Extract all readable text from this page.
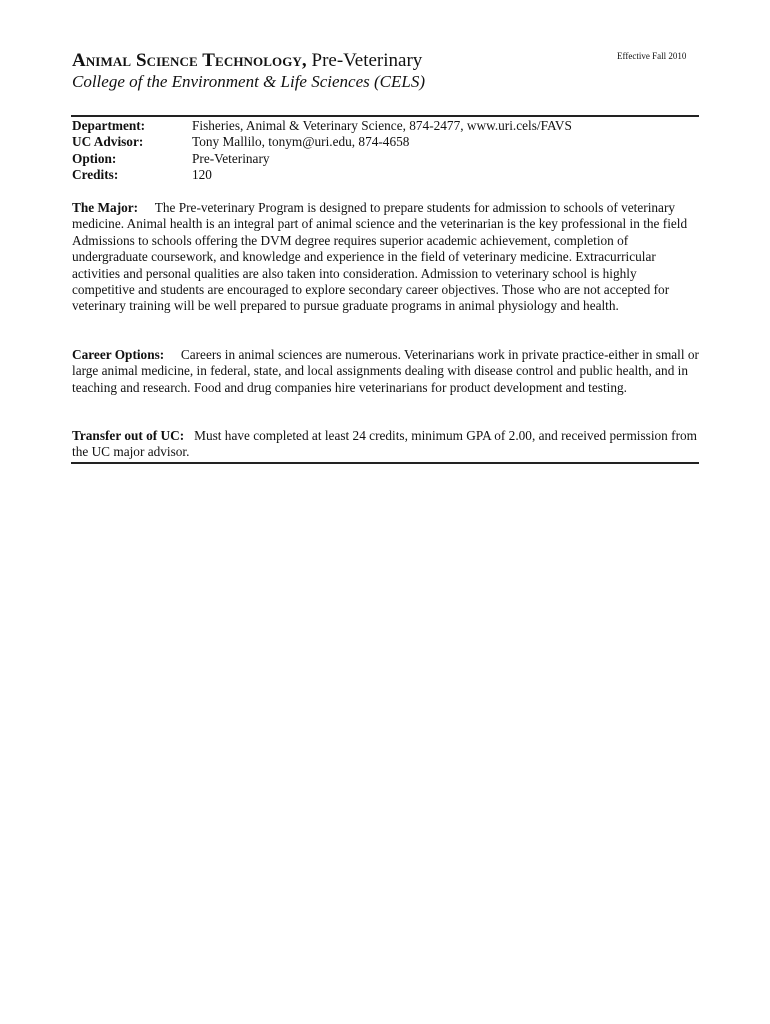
Animal Science Technology, Pre-Veterinary	Effective Fall 2010
College of the Environment & Life Sciences (CELS)
Department:	Fisheries, Animal & Veterinary Science, 874-2477, www.uri.cels/FAVS
UC Advisor:	Tony Mallilo, tonym@uri.edu, 874-4658
Option:	Pre-Veterinary
Credits:	120

The Major: The Pre-veterinary Program is designed to prepare students for admission to schools of veterinary medicine. Animal health is an integral part of animal science and the veterinarian is the key professional in the field Admissions to schools offering the DVM degree requires superior academic achievement, completion of undergraduate coursework, and knowledge and experience in the field of veterinary medicine. Extracurricular activities and personal qualities are also taken into consideration. Admission to veterinary school is highly competitive and students are encouraged to explore secondary career objectives. Those who are not accepted for veterinary training will be well prepared to pursue graduate programs in animal physiology and health.

Career Options: Careers in animal sciences are numerous. Veterinarians work in private practice-either in small or large animal medicine, in federal, state, and local assignments dealing with disease control and public health, and in teaching and research. Food and drug companies hire veterinarians for product development and testing.

Transfer out of UC: Must have completed at least 24 credits, minimum GPA of 2.00, and received permission from the UC major advisor.
